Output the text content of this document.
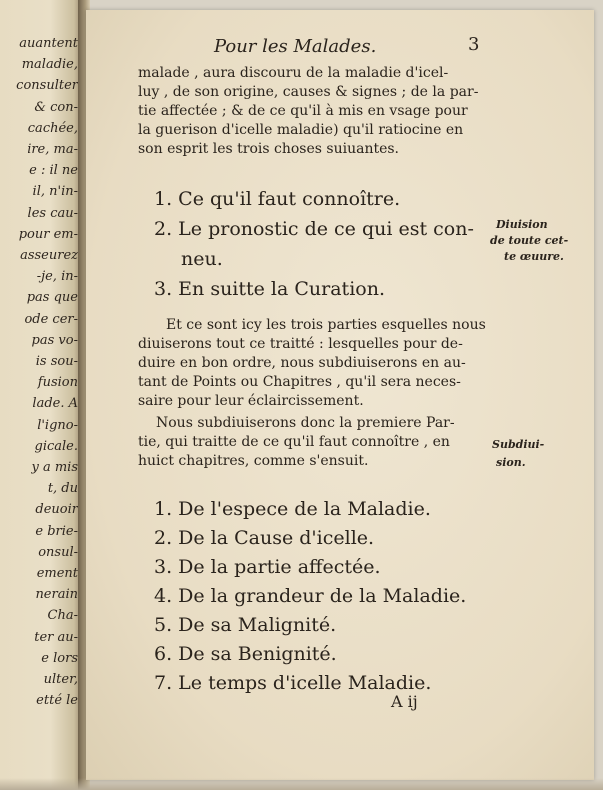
auantent
maladie,
consulter
& con-
cachée,
ire, ma-
e : il ne
il, n'in-
les cau-
pour em-
asseurez
-je, in-
pas que
ode cer-
pas vo-
is sou-
fusion
lade. A
l'igno-
gicale.
y a mis
t, du
deuoir
e brie-
onsul-
ement
nerain
Cha-
ter au-
e lors
ulter,
etté le
Pour les Malades.	3
malade , aura discouru de la maladie d'icel-
luy , de son origine, causes & signes ; de la par-
tie affectée ; & de ce qu'il à mis en vsage pour
la guerison d'icelle maladie) qu'il ratiocine en
son esprit les trois choses suiuantes.
1. Ce qu'il faut connoître.
2. Le pronostic de ce qui est con-
neu.
3. En suitte la Curation.
Diuision
de toute cet-
te œuure.
Et ce sont icy les trois parties esquelles nous
diuiserons tout ce traitté : lesquelles pour de-
duire en bon ordre, nous subdiuiserons en au-
tant de Points ou Chapitres , qu'il sera neces-
saire pour leur éclaircissement.
Nous subdiuiserons donc la premiere Par-
tie, qui traitte de ce qu'il faut connoître , en
huict chapitres, comme s'ensuit.
Subdiui-
sion.
1. De l'espece de la Maladie.
2. De la Cause d'icelle.
3. De la partie affectée.
4. De la grandeur de la Maladie.
5. De sa Malignité.
6. De sa Benignité.
7. Le temps d'icelle Maladie.
A ij
